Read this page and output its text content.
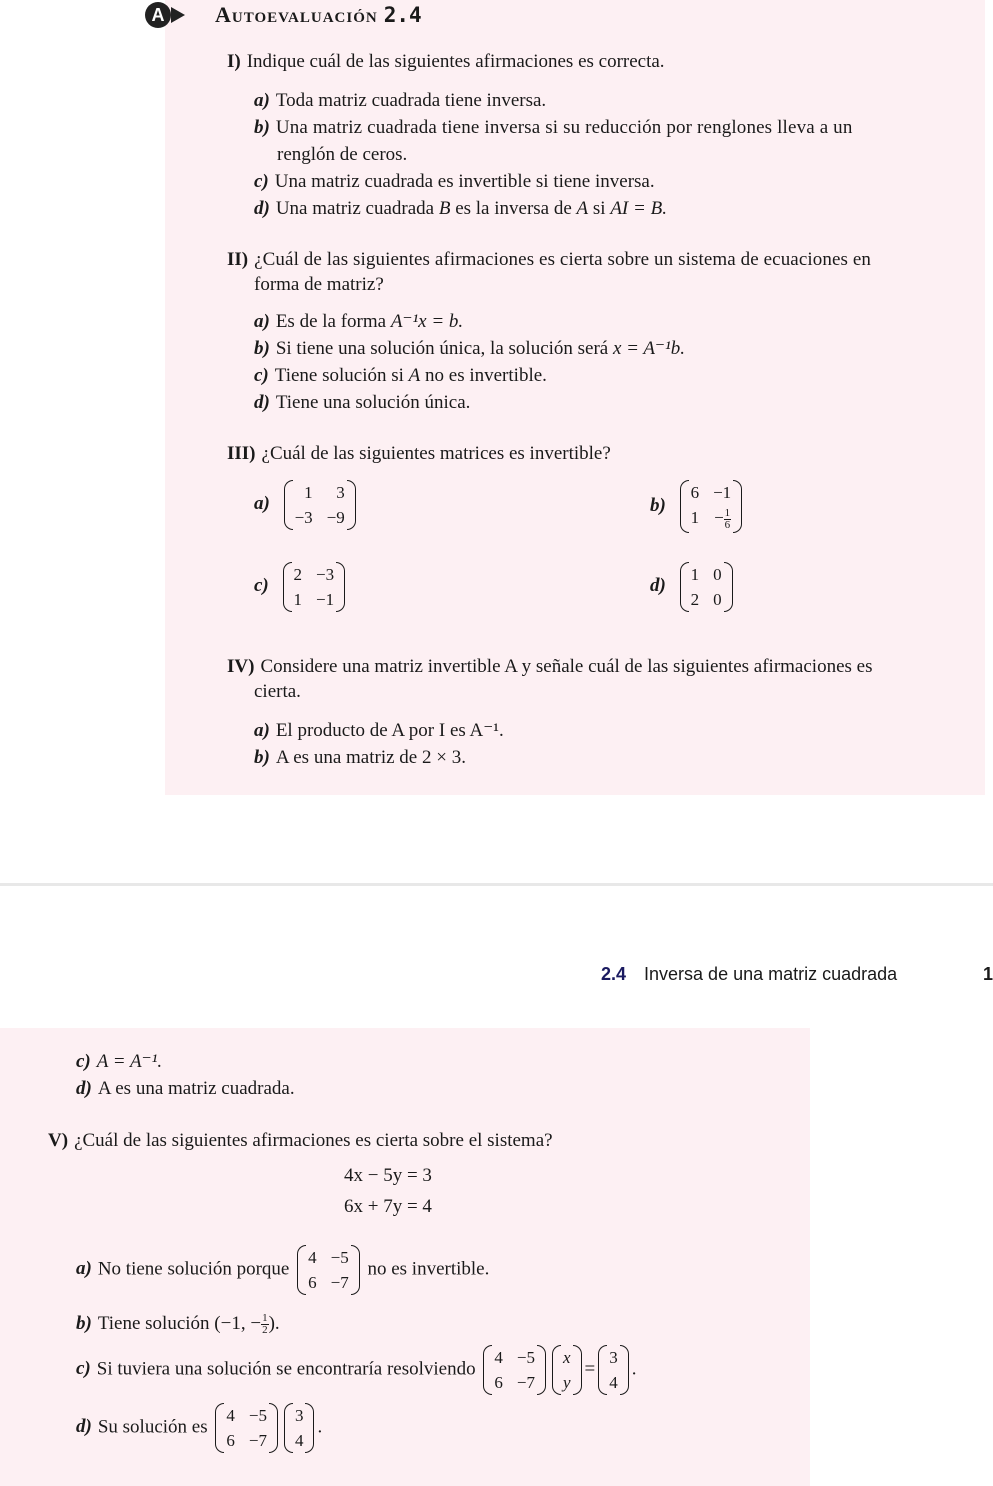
A Autoevaluación 2.4
I) Indique cuál de las siguientes afirmaciones es correcta.
a) Toda matriz cuadrada tiene inversa.
b) Una matriz cuadrada tiene inversa si su reducción por renglones lleva a un
renglón de ceros.
c) Una matriz cuadrada es invertible si tiene inversa.
d) Una matriz cuadrada B es la inversa de A si AI = B.
II) ¿Cuál de las siguientes afirmaciones es cierta sobre un sistema de ecuaciones en
forma de matriz?
a) Es de la forma A⁻¹x = b.
b) Si tiene una solución única, la solución será x = A⁻¹b.
c) Tiene solución si A no es invertible.
d) Tiene una solución única.
III) ¿Cuál de las siguientes matrices es invertible?
a)
1	3
−3 −9
b)
6 −1
$1 - \frac{1}{6}$
c)
2 −3
1 −1
d)
1 0
2 0
IV) Considere una matriz invertible A y señale cuál de las siguientes afirmaciones es
cierta.
a) El producto de A por I es A⁻¹.
b) A es una matriz de 2 × 3.
2.4 Inversa de una matriz cuadrada	1
c) A = A⁻¹.
d) A es una matriz cuadrada.
V) ¿Cuál de las siguientes afirmaciones es cierta sobre el sistema?
4x − 5y = 3
6x + 7y = 4
a) No tiene solución porque
4 −5
6 −7
no es invertible.
b) Tiene solución (−1, − $\frac{1}{2}$ ).
c) Si tuviera una solución se encontraría resolviendo
4 −5
6 −7
x
y
=
3
4
.
d) Su solución es
4 −5
6 −7
3
4
.
